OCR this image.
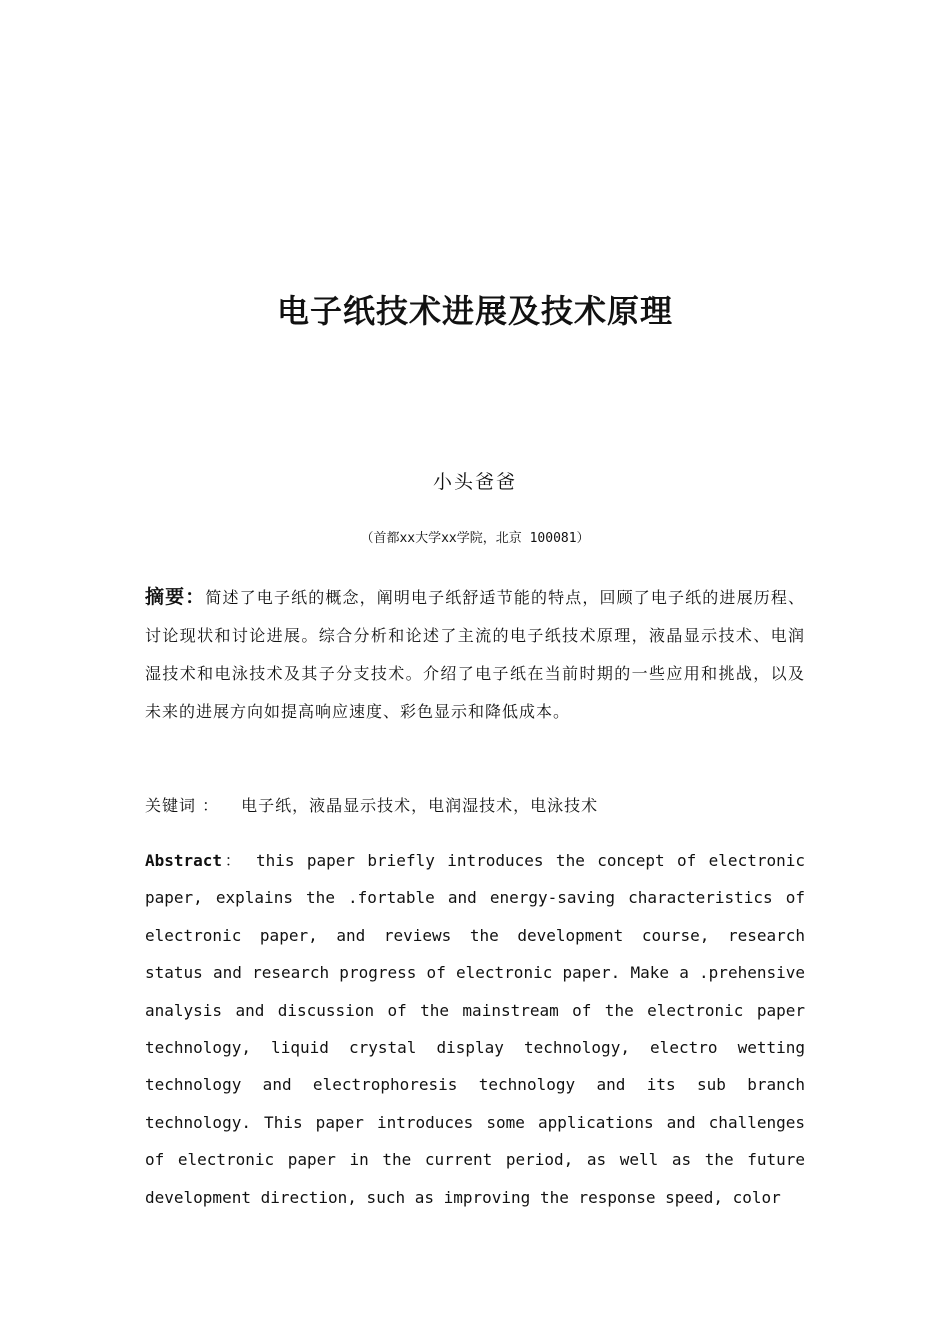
电子纸技术进展及技术原理
小头爸爸
（首都xx大学xx学院，北京 100081）
摘要：简述了电子纸的概念，阐明电子纸舒适节能的特点，回顾了电子纸的进展历程、讨论现状和讨论进展。综合分析和论述了主流的电子纸技术原理，液晶显示技术、电润湿技术和电泳技术及其子分支技术。介绍了电子纸在当前时期的一些应用和挑战，以及未来的进展方向如提高响应速度、彩色显示和降低成本。
关键词 ： 电子纸，液晶显示技术，电润湿技术，电泳技术
Abstract： this paper briefly introduces the concept of electronic paper, explains the .fortable and energy-saving characteristics of electronic paper, and reviews the development course, research status and research progress of electronic paper. Make a .prehensive analysis and discussion of the mainstream of the electronic paper technology, liquid crystal display technology, electro wetting technology and electrophoresis technology and its sub branch technology. This paper introduces some applications and challenges of electronic paper in the current period, as well as the future development direction, such as improving the response speed, color
